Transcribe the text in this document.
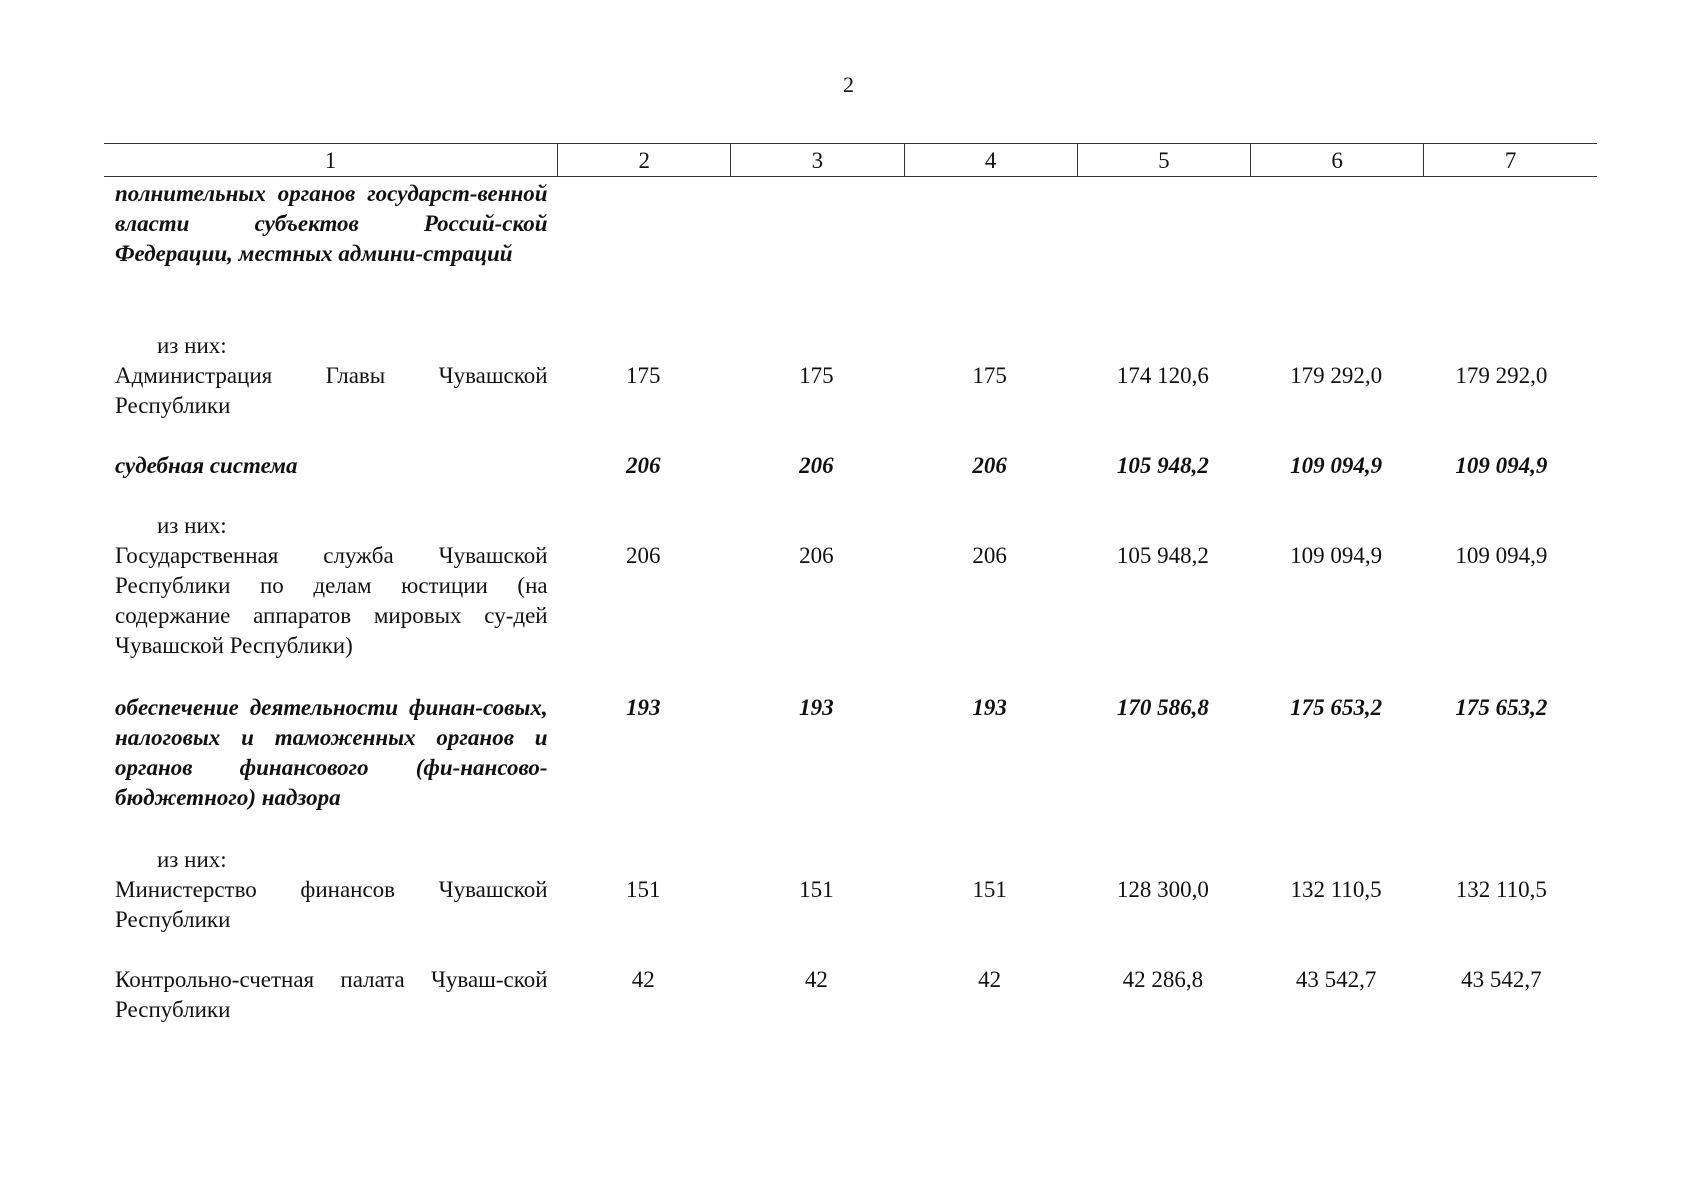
2
1	2	3	4	5	6	7
полнительных органов государст-венной власти субъектов Россий-ской Федерации, местных админи-страций						
из них:						
Администрация Главы Чувашской Республики	175	175	175	174 120,6	179 292,0	179 292,0
судебная система	206	206	206	105 948,2	109 094,9	109 094,9
из них:						
Государственная служба Чувашской Республики по делам юстиции (на содержание аппаратов мировых су-дей Чувашской Республики)	206	206	206	105 948,2	109 094,9	109 094,9
обеспечение деятельности финан-совых, налоговых и таможенных органов и органов финансового (фи-нансово-бюджетного) надзора	193	193	193	170 586,8	175 653,2	175 653,2
из них:						
Министерство финансов Чувашской Республики	151	151	151	128 300,0	132 110,5	132 110,5
Контрольно-счетная палата Чуваш-ской Республики	42	42	42	42 286,8	43 542,7	43 542,7
